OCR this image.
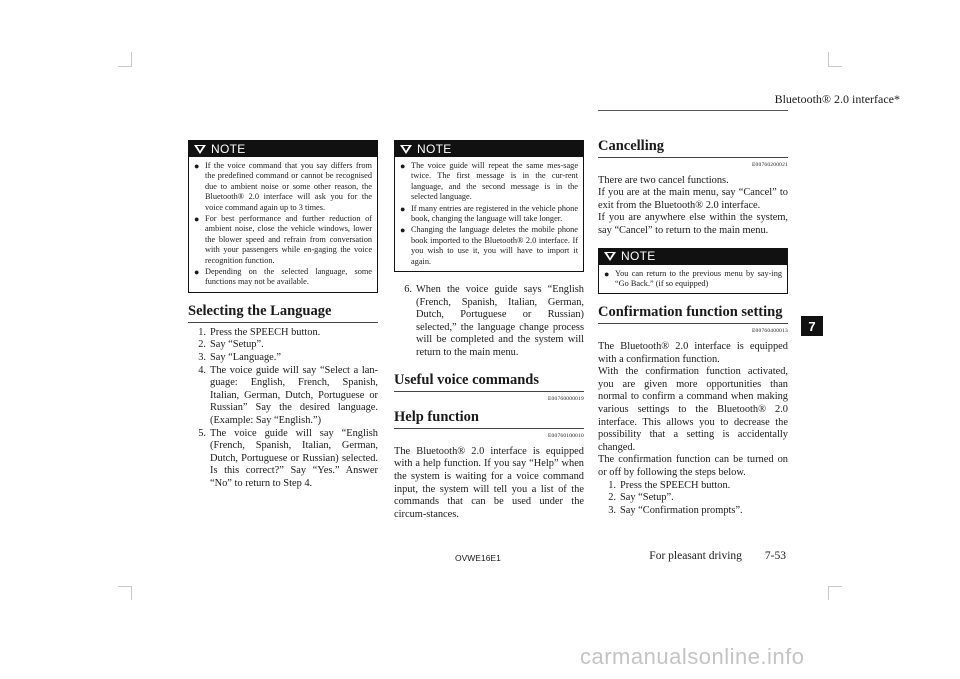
Bluetooth® 2.0 interface*
7
NOTE
● If the voice command that you say differs from the predefined command or cannot be recognised due to ambient noise or some other reason, the Bluetooth® 2.0 interface will ask you for the voice command again up to 3 times.
● For best performance and further reduction of ambient noise, close the vehicle windows, lower the blower speed and refrain from conversation with your passengers while en-gaging the voice recognition function.
● Depending on the selected language, some functions may not be available.
Selecting the Language
1. Press the SPEECH button.
2. Say “Setup”.
3. Say “Language.”
4. The voice guide will say “Select a lan-guage: English, French, Spanish, Italian, German, Dutch, Portuguese or Russian” Say the desired language. (Example: Say “English.”)
5. The voice guide will say “English (French, Spanish, Italian, German, Dutch, Portuguese or Russian) selected. Is this correct?” Say “Yes.” Answer “No” to return to Step 4.
NOTE
● The voice guide will repeat the same mes-sage twice. The first message is in the cur-rent language, and the second message is in the selected language.
● If many entries are registered in the vehicle phone book, changing the language will take longer.
● Changing the language deletes the mobile phone book imported to the Bluetooth® 2.0 interface. If you wish to use it, you will have to import it again.
6. When the voice guide says “English (French, Spanish, Italian, German, Dutch, Portuguese or Russian) selected,” the language change process will be completed and the system will return to the main menu.
Useful voice commands
E00760000019
Help function
E00760100010

The Bluetooth® 2.0 interface is equipped with a help function. If you say “Help” when the system is waiting for a voice command input, the system will tell you a list of the commands that can be used under the circum-stances.

Cancelling
E00760200021

There are two cancel functions.

If you are at the main menu, say “Cancel” to exit from the Bluetooth® 2.0 interface.

If you are anywhere else within the system, say “Cancel” to return to the main menu.

NOTE
● You can return to the previous menu by say-ing “Go Back.” (if so equipped)
Confirmation function setting
E00760400013

The Bluetooth® 2.0 interface is equipped with a confirmation function.

With the confirmation function activated, you are given more opportunities than normal to confirm a command when making various settings to the Bluetooth® 2.0 interface. This allows you to decrease the possibility that a setting is accidentally changed.

The confirmation function can be turned on or off by following the steps below.

1. Press the SPEECH button.
2. Say “Setup”.
3. Say “Confirmation prompts”.
OVWE16E1	For pleasant driving        7-53
carmanualsonline.info
